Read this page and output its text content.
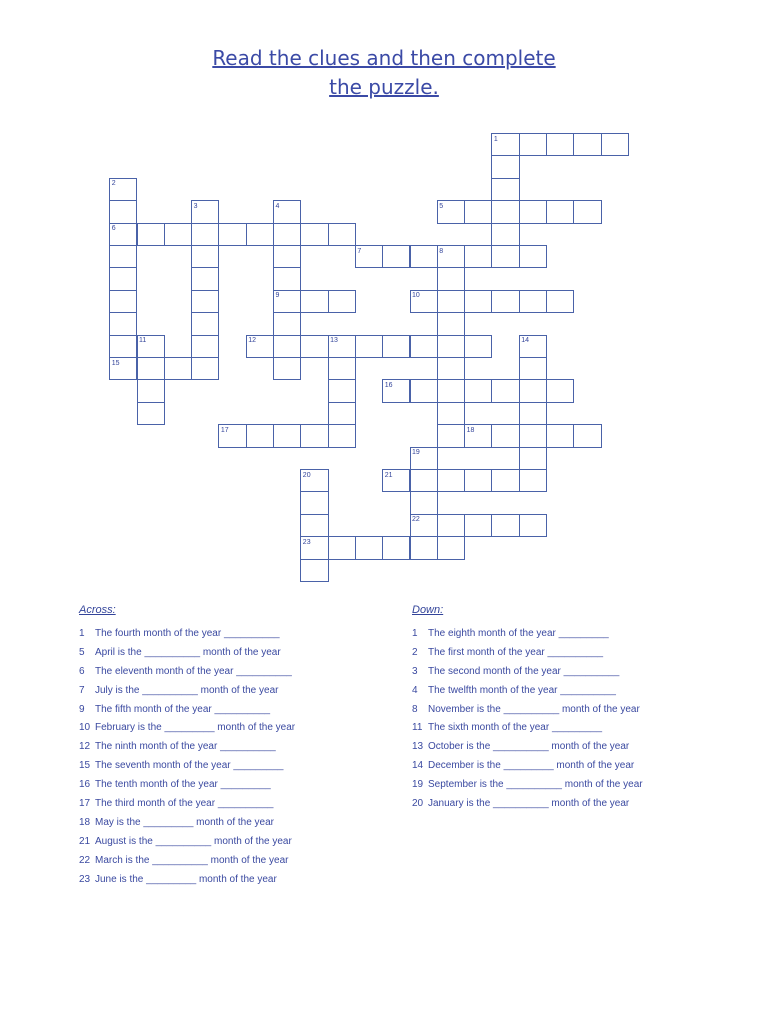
Read the clues and then complete
the puzzle.
1
2
3	4	5
6
7	8
9	10
11	12	13	14
15
16
17	18
19
20	21
22
23
Across:
1 The fourth month of the year __________
5 April is the __________ month of the year
6 The eleventh month of the year __________
7 July is the __________ month of the year
9 The fifth month of the year __________
10 February is the _________ month of the year
12 The ninth month of the year __________
15 The seventh month of the year _________
16 The tenth month of the year _________
17 The third month of the year __________
18 May is the _________ month of the year
21 August is the __________ month of the year
22 March is the __________ month of the year
23 June is the _________ month of the year
Down:
1 The eighth month of the year _________
2 The first month of the year __________
3 The second month of the year __________
4 The twelfth month of the year __________
8 November is the __________ month of the year
11 The sixth month of the year _________
13 October is the __________ month of the year
14 December is the _________ month of the year
19 September is the __________ month of the year
20 January is the __________ month of the year
